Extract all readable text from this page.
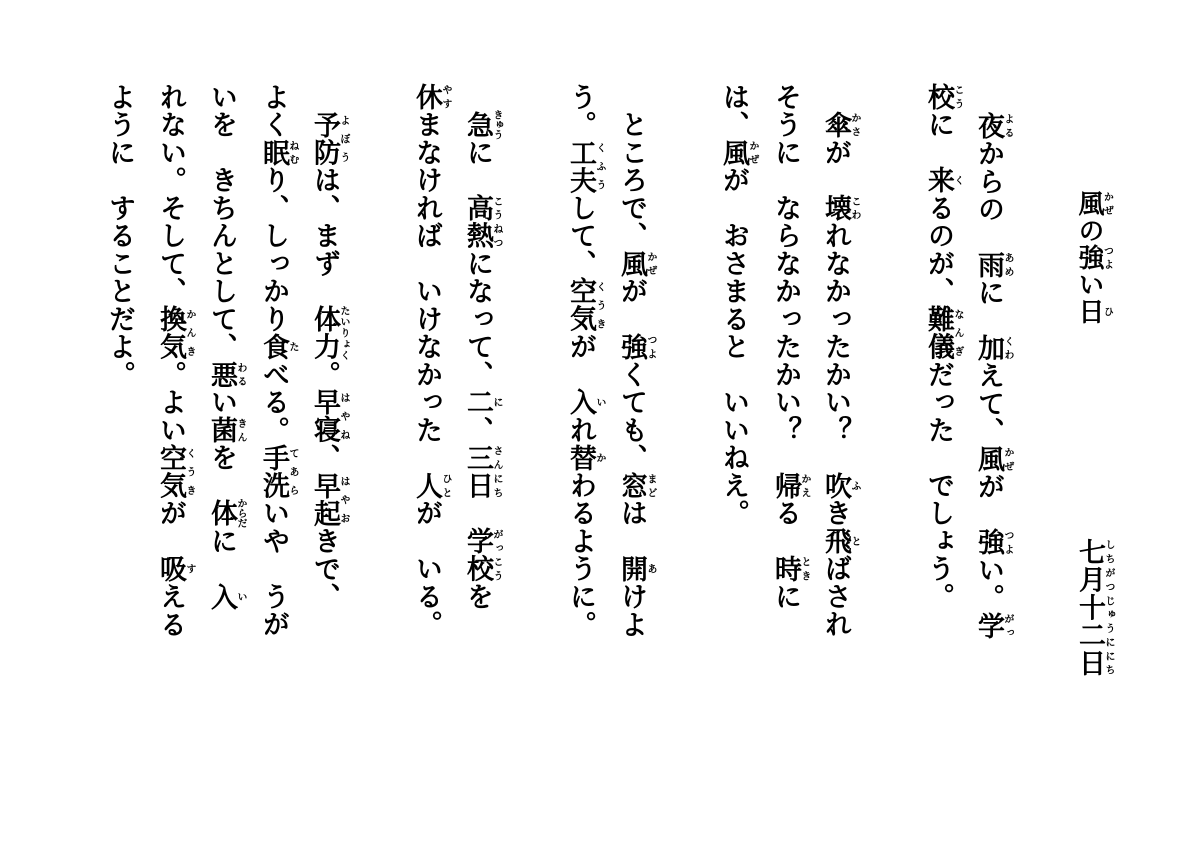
風かぜの強つよい日ひ
七月十二日しちがつじゅうににち
夜よるからの　雨あめに　加くわえて、風かぜが　強つよい。学がっ
校こうに　来くるのが、難儀なんぎだった　でしょう。
　傘かさが　壊こわれなかったかい？　吹ふき飛とばされ
そうに　ならなかったかい？　帰かえる　時ときに
は、風かぜが　おさまると　いいねえ。
　ところで、風かぜが　強つよくても、窓まどは　開あけよ
う。工夫くふうして、空気くうきが　入いれ替かわるように。
　急きゅうに　高熱こうねつになって、二に、三日さんにち　学校がっこうを
休やすまなければ　いけなかった　人ひとが　いる。
　予防よぼうは、まず　体力たいりょく。早寝はやね、早起はやおきで、
よく眠ねむり、しっかり食たべる。手洗てあらいや　うが
いを　きちんとして、悪わるい菌きんを　体からだに　入い
れない。そして、換気かんき。よい空気くうきが　吸すえる
ように　することだよ。
